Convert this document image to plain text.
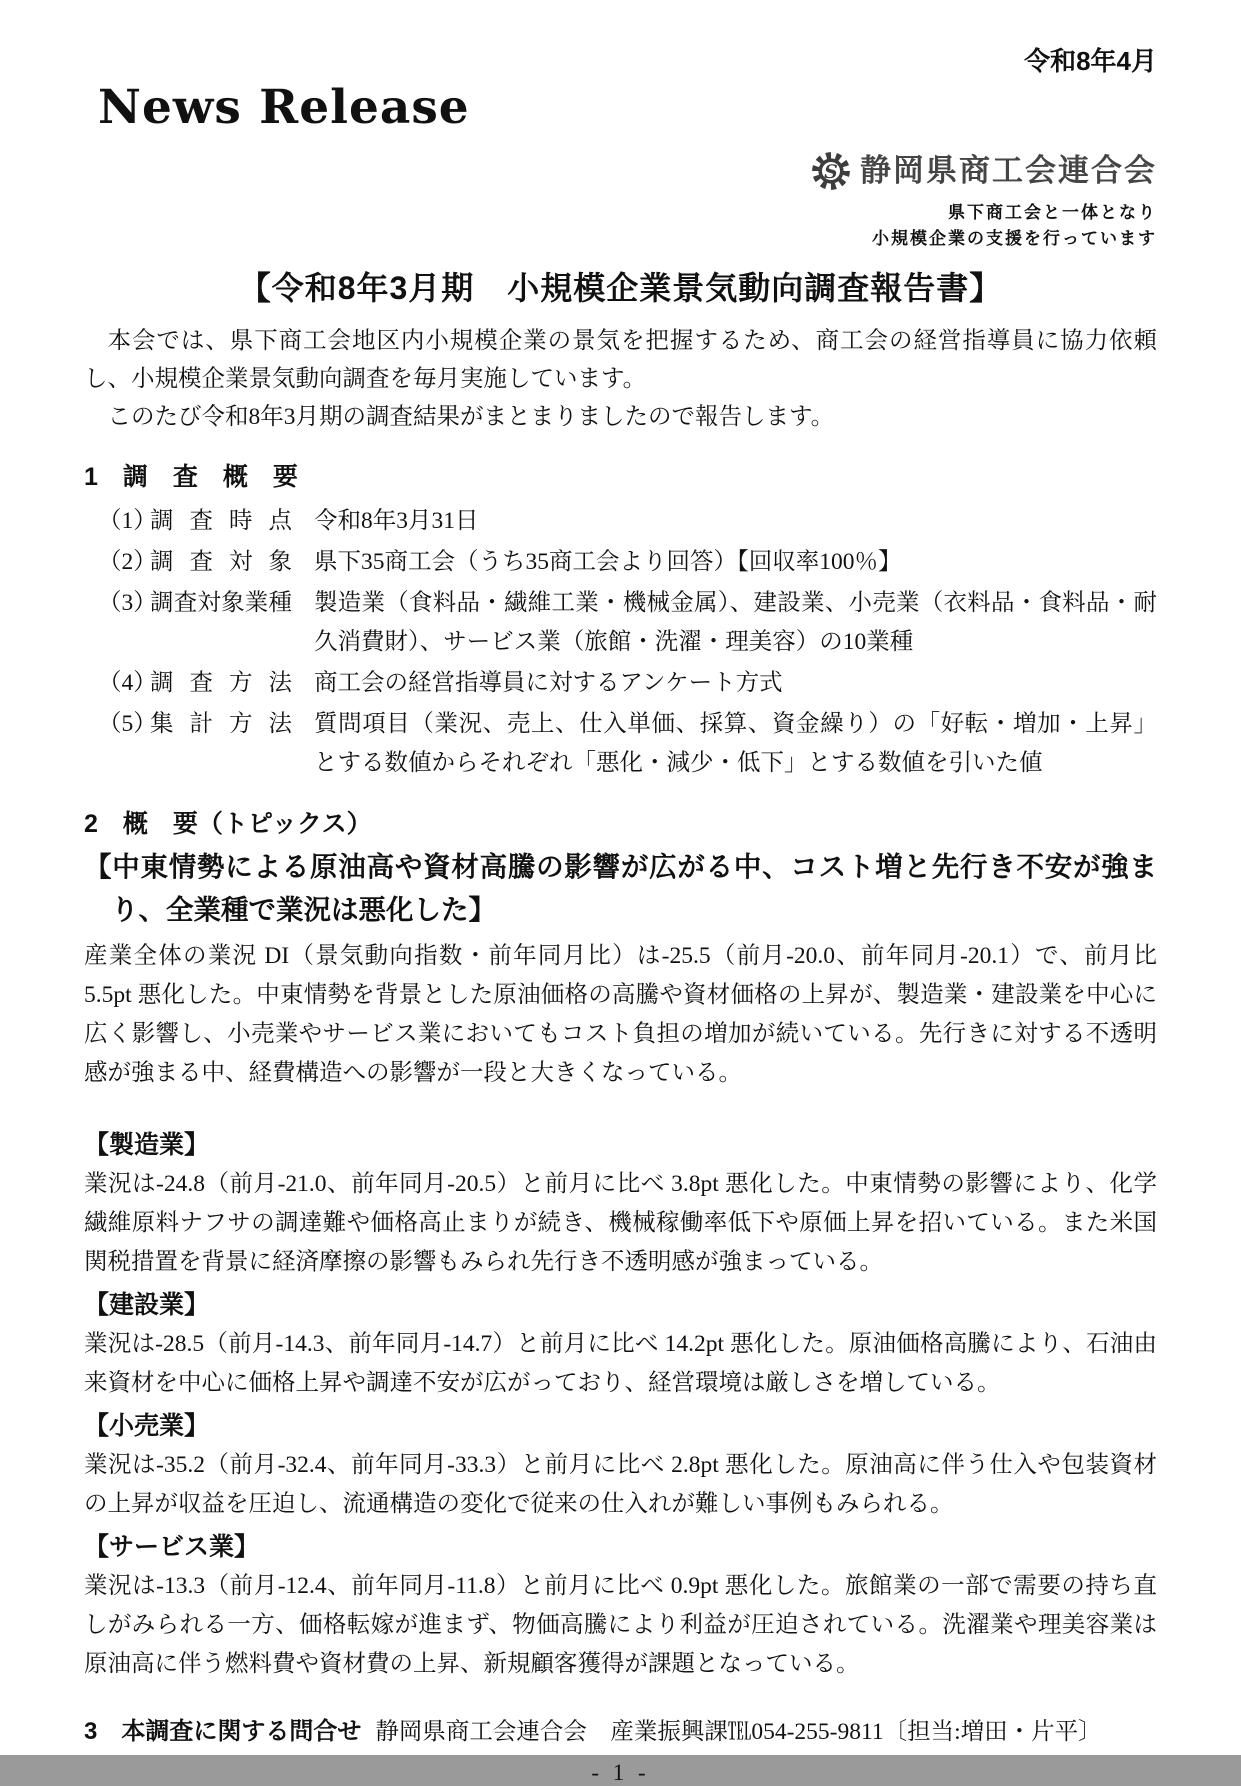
令和8年4月
News Release
S 静岡県商工会連合会
県下商工会と一体となり
小規模企業の支援を行っています
【令和8年3月期　小規模企業景気動向調査報告書】

本会では、県下商工会地区内小規模企業の景気を把握するため、商工会の経営指導員に協力依頼し、小規模企業景気動向調査を毎月実施しています。

このたび令和8年3月期の調査結果がまとまりましたので報告します。

1　調　査　概　要
（1）
調査時点 令和8年3月31日
（2）
調査対象 県下35商工会（うち35商工会より回答）【回収率100％】
（3）
調査対象業種 製造業（食料品・繊維工業・機械金属）、建設業、小売業（衣料品・食料品・耐久消費財）、サービス業（旅館・洗濯・理美容）の10業種
（4）
調査方法 商工会の経営指導員に対するアンケート方式
（5）
集計方法 質問項目（業況、売上、仕入単価、採算、資金繰り）の「好転・増加・上昇」とする数値からそれぞれ「悪化・減少・低下」とする数値を引いた値
2　概　要（トピックス）
【中東情勢による原油高や資材高騰の影響が広がる中、コスト増と先行き不安が強まり、全業種で業況は悪化した】

産業全体の業況 DI（景気動向指数・前年同月比）は-25.5（前月-20.0、前年同月-20.1）で、前月比 5.5pt 悪化した。中東情勢を背景とした原油価格の高騰や資材価格の上昇が、製造業・建設業を中心に広く影響し、小売業やサービス業においてもコスト負担の増加が続いている。先行きに対する不透明感が強まる中、経費構造への影響が一段と大きくなっている。

【製造業】

業況は-24.8（前月-21.0、前年同月-20.5）と前月に比べ 3.8pt 悪化した。中東情勢の影響により、化学繊維原料ナフサの調達難や価格高止まりが続き、機械稼働率低下や原価上昇を招いている。また米国関税措置を背景に経済摩擦の影響もみられ先行き不透明感が強まっている。

【建設業】

業況は-28.5（前月-14.3、前年同月-14.7）と前月に比べ 14.2pt 悪化した。原油価格高騰により、石油由来資材を中心に価格上昇や調達不安が広がっており、経営環境は厳しさを増している。

【小売業】

業況は-35.2（前月-32.4、前年同月-33.3）と前月に比べ 2.8pt 悪化した。原油高に伴う仕入や包装資材の上昇が収益を圧迫し、流通構造の変化で従来の仕入れが難しい事例もみられる。

【サービス業】

業況は-13.3（前月-12.4、前年同月-11.8）と前月に比べ 0.9pt 悪化した。旅館業の一部で需要の持ち直しがみられる一方、価格転嫁が進まず、物価高騰により利益が圧迫されている。洗濯業や理美容業は原油高に伴う燃料費や資材費の上昇、新規顧客獲得が課題となっている。

3　本調査に関する問合せ 静岡県商工会連合会　産業振興課℡054-255-9811〔担当:増田・片平〕
- 1 -
